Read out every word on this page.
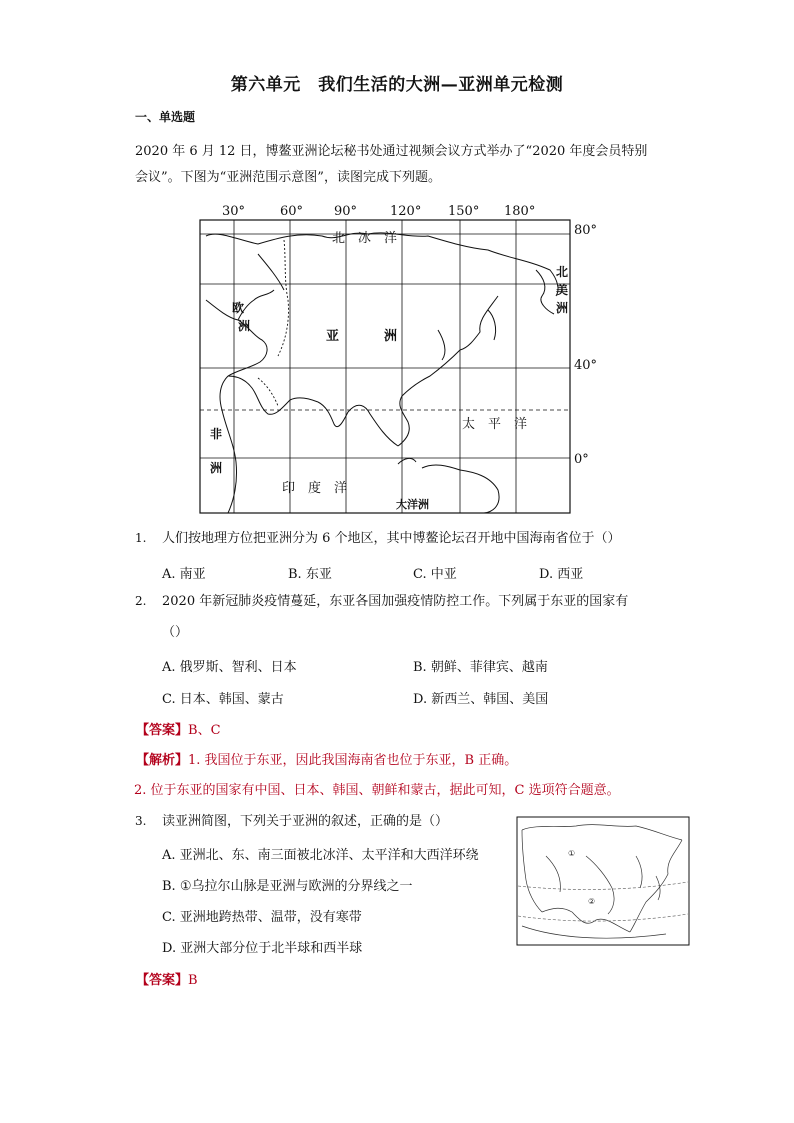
第六单元　我们生活的大洲—亚洲单元检测
一、单选题
2020 年 6 月 12 日，博鳌亚洲论坛秘书处通过视频会议方式举办了“2020 年度会员特别
会议”。下图为“亚洲范围示意图”，读图完成下列题。
30°	60° 90°	120° 150° 180°
80°
40°
0°
北　冰　洋
北
美
洲
欧
洲
亚	洲
太　平　洋
非
洲
印　度　洋
大洋洲
1. 人们按地理方位把亚洲分为 6 个地区，其中博鳌论坛召开地中国海南省位于（）
A. 南亚	B. 东亚	C. 中亚	D. 西亚
2. 2020 年新冠肺炎疫情蔓延，东亚各国加强疫情防控工作。下列属于东亚的国家有
（）
A. 俄罗斯、智利、日本	B. 朝鲜、菲律宾、越南
C. 日本、韩国、蒙古	D. 新西兰、韩国、美国
【答案】B、C
【解析】1. 我国位于东亚，因此我国海南省也位于东亚，B 正确。
2. 位于东亚的国家有中国、日本、韩国、朝鲜和蒙古，据此可知，C 选项符合题意。
3. 读亚洲简图，下列关于亚洲的叙述，正确的是（）
A. 亚洲北、东、南三面被北冰洋、太平洋和大西洋环绕
B. ①乌拉尔山脉是亚洲与欧洲的分界线之一
C. 亚洲地跨热带、温带，没有寒带
D. 亚洲大部分位于北半球和西半球
①
②
【答案】B
